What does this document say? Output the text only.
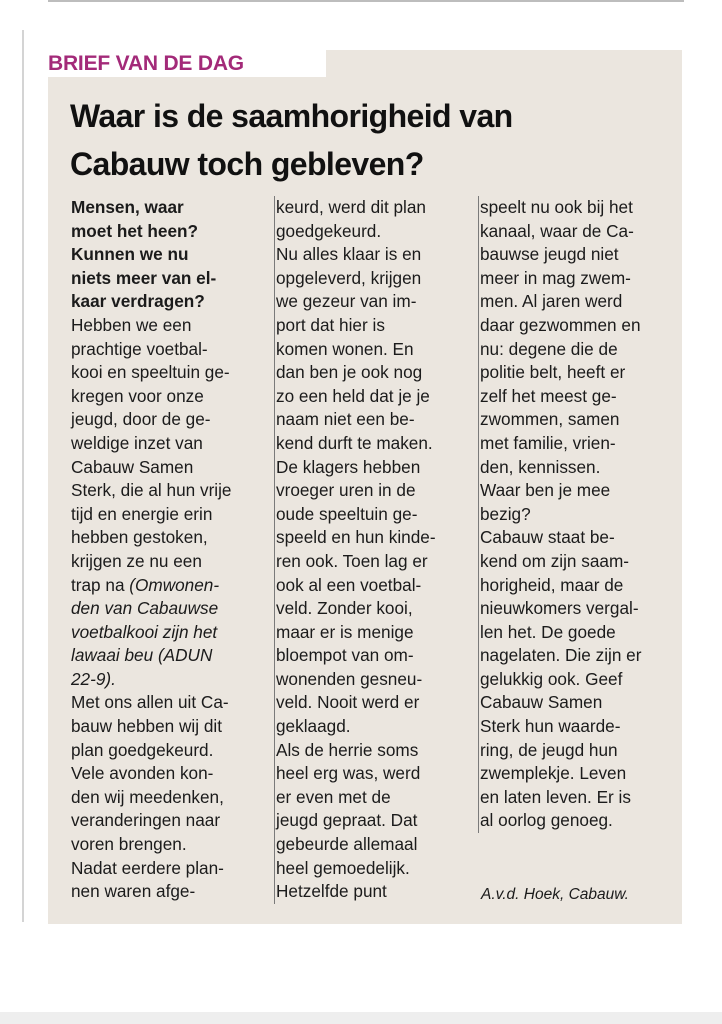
BRIEF VAN DE DAG
Waar is de saamhorigheid van
Cabauw toch gebleven?
Mensen, waar
moet het heen?
Kunnen we nu
niets meer van el-
kaar verdragen?
Hebben we een
prachtige voetbal-
kooi en speeltuin ge-
kregen voor onze
jeugd, door de ge-
weldige inzet van
Cabauw Samen
Sterk, die al hun vrije
tijd en energie erin
hebben gestoken,
krijgen ze nu een
trap na (Omwonen-
den van Cabauwse
voetbalkooi zijn het
lawaai beu (ADUN
22-9).
Met ons allen uit Ca-
bauw hebben wij dit
plan goedgekeurd.
Vele avonden kon-
den wij meedenken,
veranderingen naar
voren brengen.
Nadat eerdere plan-
nen waren afge-
keurd, werd dit plan
goedgekeurd.
Nu alles klaar is en
opgeleverd, krijgen
we gezeur van im-
port dat hier is
komen wonen. En
dan ben je ook nog
zo een held dat je je
naam niet een be-
kend durft te maken.
De klagers hebben
vroeger uren in de
oude speeltuin ge-
speeld en hun kinde-
ren ook. Toen lag er
ook al een voetbal-
veld. Zonder kooi,
maar er is menige
bloempot van om-
wonenden gesneu-
veld. Nooit werd er
geklaagd.
Als de herrie soms
heel erg was, werd
er even met de
jeugd gepraat. Dat
gebeurde allemaal
heel gemoedelijk.
Hetzelfde punt
speelt nu ook bij het
kanaal, waar de Ca-
bauwse jeugd niet
meer in mag zwem-
men. Al jaren werd
daar gezwommen en
nu: degene die de
politie belt, heeft er
zelf het meest ge-
zwommen, samen
met familie, vrien-
den, kennissen.
Waar ben je mee
bezig?
Cabauw staat be-
kend om zijn saam-
horigheid, maar de
nieuwkomers vergal-
len het. De goede
nagelaten. Die zijn er
gelukkig ook. Geef
Cabauw Samen
Sterk hun waarde-
ring, de jeugd hun
zwemplekje. Leven
en laten leven. Er is
al oorlog genoeg.
A.v.d. Hoek, Cabauw.
